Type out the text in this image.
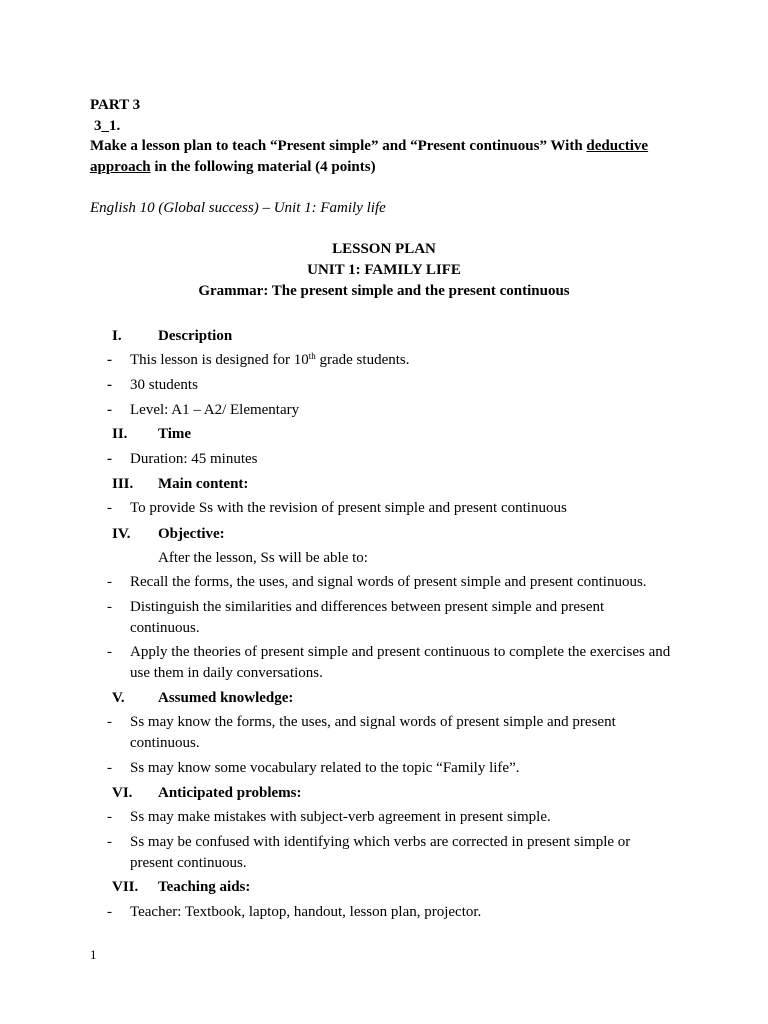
PART 3
3_1.
Make a lesson plan to teach “Present simple” and “Present continuous” With deductive
approach in the following material (4 points)
English 10 (Global success) – Unit 1: Family life
LESSON PLAN
UNIT 1: FAMILY LIFE
Grammar: The present simple and the present continuous
I. Description
- This lesson is designed for 10th grade students.
- 30 students
- Level: A1 – A2/ Elementary
II. Time
- Duration: 45 minutes
III. Main content:
- To provide Ss with the revision of present simple and present continuous
IV. Objective:
After the lesson, Ss will be able to:
- Recall the forms, the uses, and signal words of present simple and present continuous.
- Distinguish the similarities and differences between present simple and present continuous.
- Apply the theories of present simple and present continuous to complete the exercises and use them in daily conversations.
V. Assumed knowledge:
- Ss may know the forms, the uses, and signal words of present simple and present continuous.
- Ss may know some vocabulary related to the topic “Family life”.
VI. Anticipated problems:
- Ss may make mistakes with subject-verb agreement in present simple.
- Ss may be confused with identifying which verbs are corrected in present simple or present continuous.
VII. Teaching aids:
- Teacher: Textbook, laptop, handout, lesson plan, projector.
1
